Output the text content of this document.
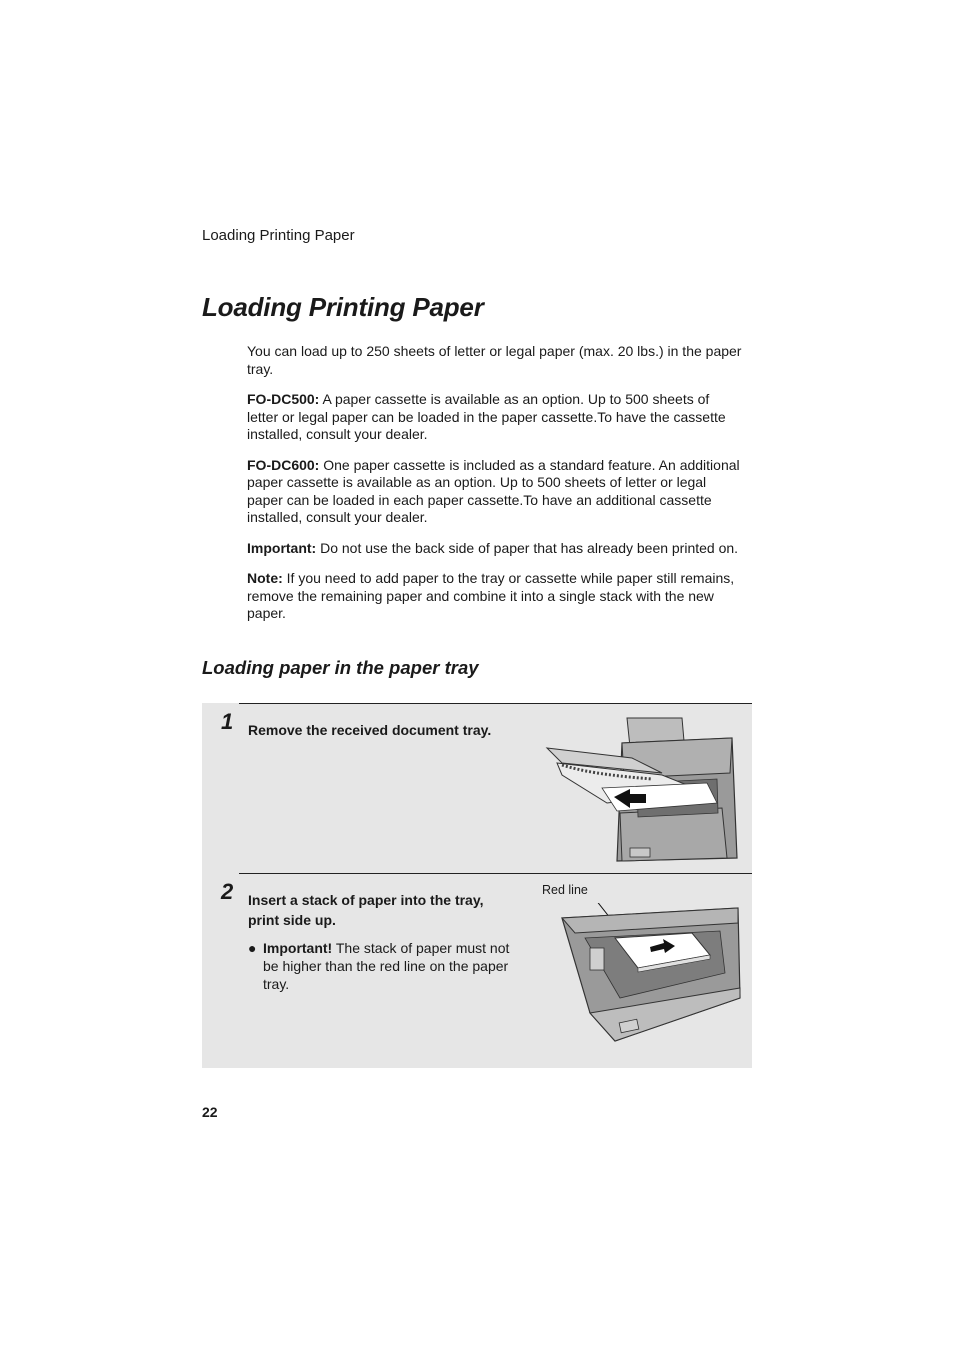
Loading Printing Paper
Loading Printing Paper

You can load up to 250 sheets of letter or legal paper (max. 20 lbs.) in the paper tray.

FO-DC500: A paper cassette is available as an option. Up to 500 sheets of letter or legal paper can be loaded in the paper cassette.To have the cassette installed, consult your dealer.

FO-DC600: One paper cassette is included as a standard feature. An additional paper cassette is available as an option. Up to 500 sheets of letter or legal paper can be loaded in each paper cassette.To have an additional cassette installed, consult your dealer.

Important: Do not use the back side of paper that has already been printed on.

Note: If you need to add paper to the tray or cassette while paper still remains, remove the remaining paper and combine it into a single stack with the new paper.

Loading paper in the paper tray
1 Remove the received document tray.
2 Insert a stack of paper into the tray, print side up.
● Important! The stack of paper must not be higher than the red line on the paper tray.
Red line
22
